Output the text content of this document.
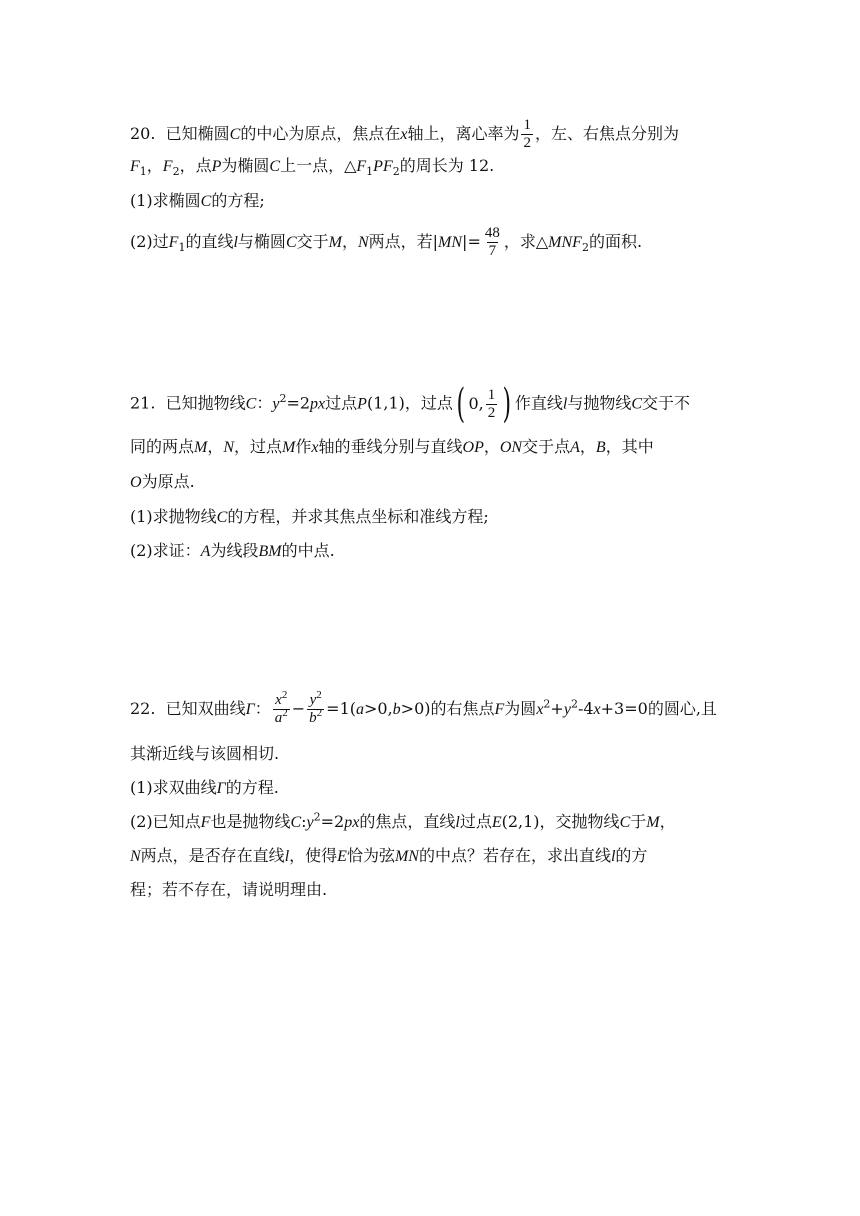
20. 已知椭圆C的中心为原点，焦点在x轴上，离心率为 $\frac{1}{2}$ ，左、右焦点分别为
$F_1$，$F_2$，点P为椭圆C上一点，$\triangle F_1PF_2$的周长为 12.
(1)求椭圆C的方程;
(2)过$F_1$的直线l与椭圆C交于M，N两点，若$|MN|= \frac{48}{7}$ ，求$\triangle MNF_2$的面积.
21. 已知抛物线C：$y^2=2px$过点P(1,1)，过点 ( 0, $\frac{1}{2}$ ) 作直线l与抛物线C交于不
同的两点M，N，过点M作x轴的垂线分别与直线OP，ON交于点A，B，其中
O为原点.
(1)求抛物线C的方程，并求其焦点坐标和准线方程;
(2)求证：A为线段BM的中点.
22. 已知双曲线Γ： $\frac{x^2}{a^2} - \frac{y^2}{b^2} =1(a>0,b>0)$的右焦点F为圆$x^2+y^2-4x+3=0$的圆心,且
其渐近线与该圆相切.
(1)求双曲线Γ的方程.
(2)已知点F也是抛物线$C:y^2=2px$的焦点，直线l过点E(2,1)，交抛物线C于M，
N两点，是否存在直线l，使得E恰为弦MN的中点？若存在，求出直线l的方
程；若不存在，请说明理由.
